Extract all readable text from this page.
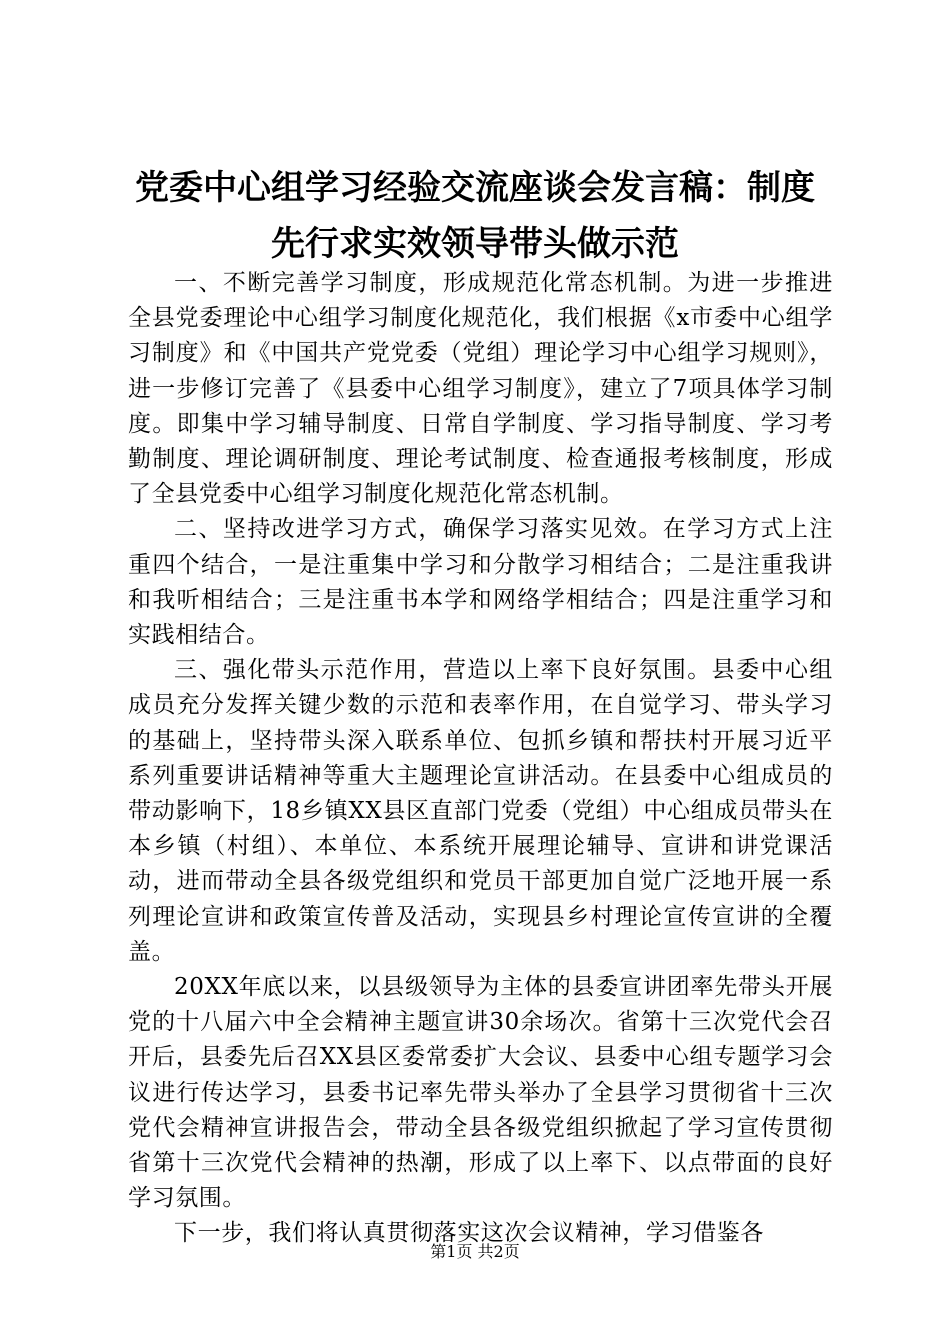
党委中心组学习经验交流座谈会发言稿：制度
先行求实效领导带头做示范

一、不断完善学习制度，形成规范化常态机制。为进一步推进全县党委理论中心组学习制度化规范化，我们根据《x市委中心组学习制度》和《中国共产党党委（党组）理论学习中心组学习规则》，进一步修订完善了《县委中心组学习制度》，建立了7项具体学习制度。即集中学习辅导制度、日常自学制度、学习指导制度、学习考勤制度、理论调研制度、理论考试制度、检查通报考核制度，形成了全县党委中心组学习制度化规范化常态机制。

二、坚持改进学习方式，确保学习落实见效。在学习方式上注重四个结合，一是注重集中学习和分散学习相结合；二是注重我讲和我听相结合；三是注重书本学和网络学相结合；四是注重学习和实践相结合。

三、强化带头示范作用，营造以上率下良好氛围。县委中心组成员充分发挥关键少数的示范和表率作用，在自觉学习、带头学习的基础上，坚持带头深入联系单位、包抓乡镇和帮扶村开展习近平系列重要讲话精神等重大主题理论宣讲活动。在县委中心组成员的带动影响下，18乡镇XX县区直部门党委（党组）中心组成员带头在本乡镇（村组）、本单位、本系统开展理论辅导、宣讲和讲党课活动，进而带动全县各级党组织和党员干部更加自觉广泛地开展一系列理论宣讲和政策宣传普及活动，实现县乡村理论宣传宣讲的全覆盖。

20XX年底以来，以县级领导为主体的县委宣讲团率先带头开展党的十八届六中全会精神主题宣讲30余场次。省第十三次党代会召开后，县委先后召XX县区委常委扩大会议、县委中心组专题学习会议进行传达学习，县委书记率先带头举办了全县学习贯彻省十三次党代会精神宣讲报告会，带动全县各级党组织掀起了学习宣传贯彻省第十三次党代会精神的热潮，形成了以上率下、以点带面的良好学习氛围。

下一步，我们将认真贯彻落实这次会议精神，学习借鉴各

第1页 共2页
